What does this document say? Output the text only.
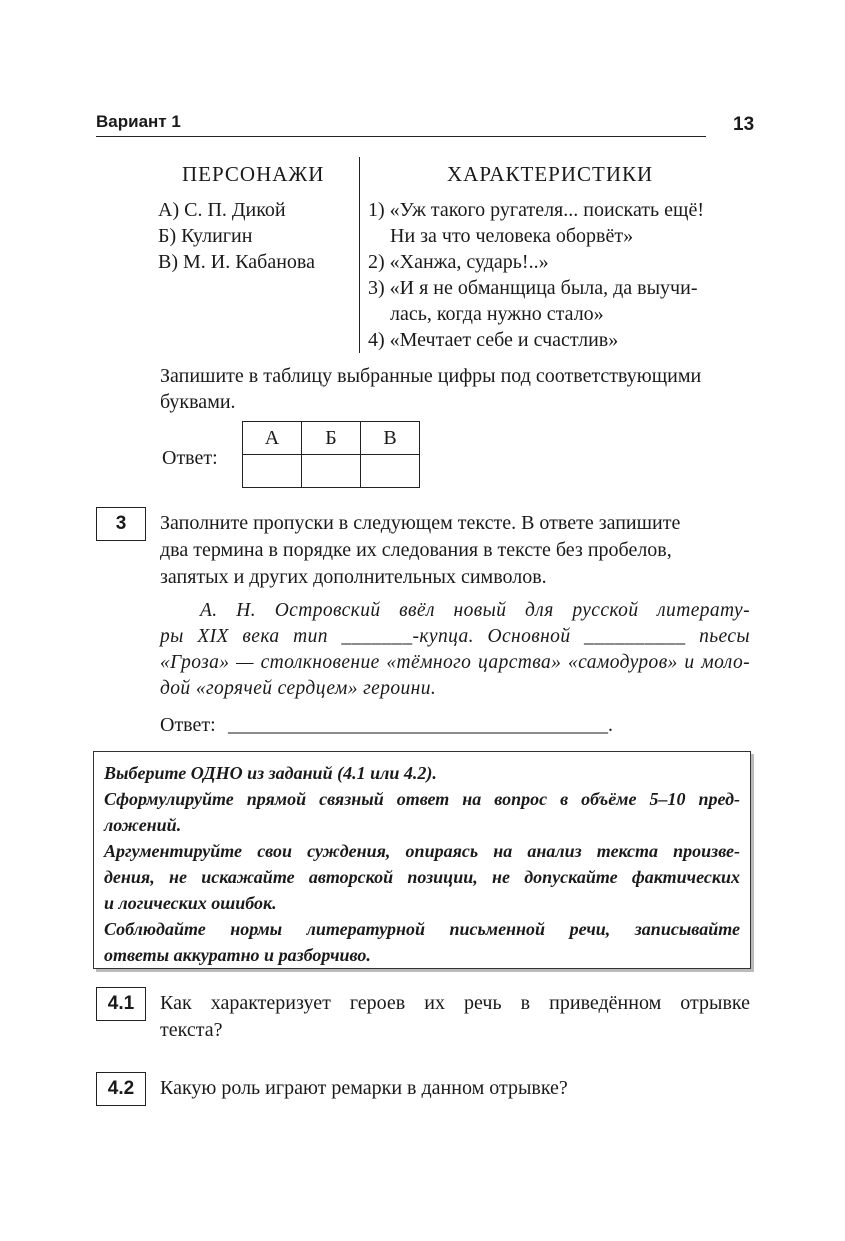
Вариант 1	13
ПЕРСОНАЖИ	ХАРАКТЕРИСТИКИ
А) С. П. Дикой
Б) Кулигин
В) М. И. Кабанова
1) «Уж такого ругателя... поискать ещё!
Ни за что человека оборвёт»
2) «Ханжа, сударь!..»
3) «И я не обманщица была, да выучи-
лась, когда нужно стало»
4) «Мечтает себе и счастлив»
Запишите в таблицу выбранные цифры под соответствующими
буквами.
Ответ:
А	Б	В

3	Заполните пропуски в следующем тексте. В ответе запишите
два термина в порядке их следования в тексте без пробелов,
запятых и других дополнительных символов.
А. Н. Островский ввёл новый для русской литерату-
ры XIX века тип _______-купца. Основной __________ пьесы
«Гроза» — столкновение «тёмного царства» «самодуров» и моло-
дой «горячей сердцем» героини.
Ответ: ______________________________________.

Выберите ОДНО из заданий (4.1 или 4.2).

Сформулируйте прямой связный ответ на вопрос в объёме 5–10 пред-

ложений.

Аргументируйте свои суждения, опираясь на анализ текста произве-

дения, не искажайте авторской позиции, не допускайте фактических

и логических ошибок.

Соблюдайте нормы литературной письменной речи, записывайте

ответы аккуратно и разборчиво.

4.1	Как характеризует героев их речь в приведённом отрывке
текста?
4.2	Какую роль играют ремарки в данном отрывке?
